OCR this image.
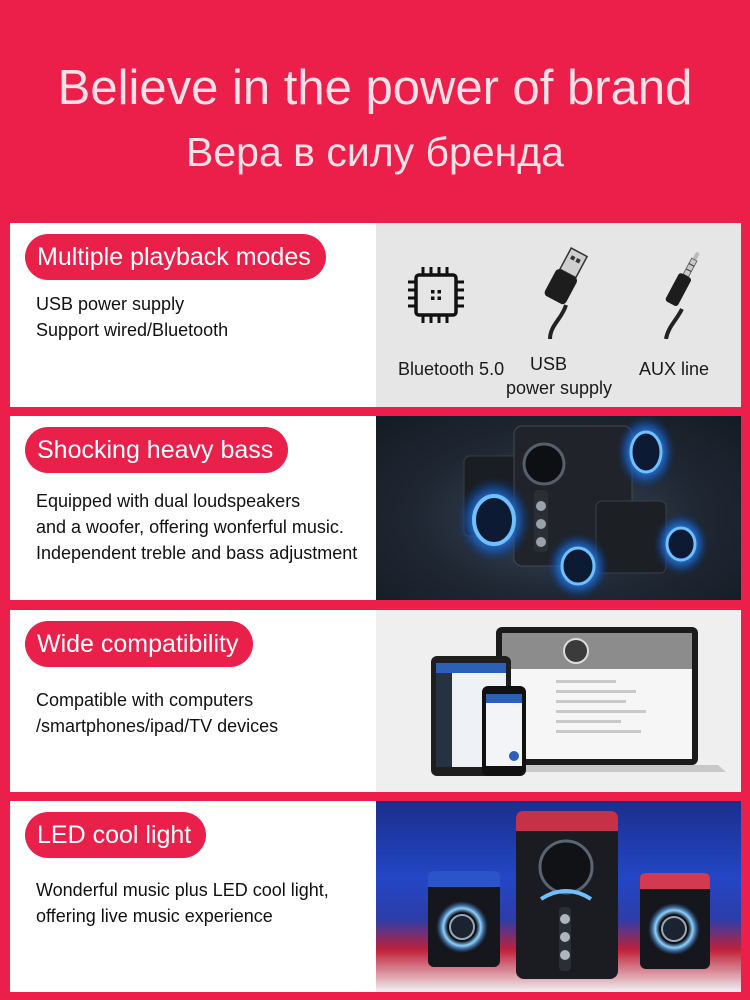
Believe in the power of brand
Вера в силу бренда
Multiple playback modes
USB power supply
Support wired/Bluetooth
Bluetooth 5.0 USB
power supply
AUX line
Shocking heavy bass
Equipped with dual loudspeakers
and a woofer, offering wonferful music.
Independent treble and bass adjustment
Wide compatibility
Compatible with computers
/smartphones/ipad/TV devices
LED cool light
Wonderful music plus LED cool light,
offering live music experience
